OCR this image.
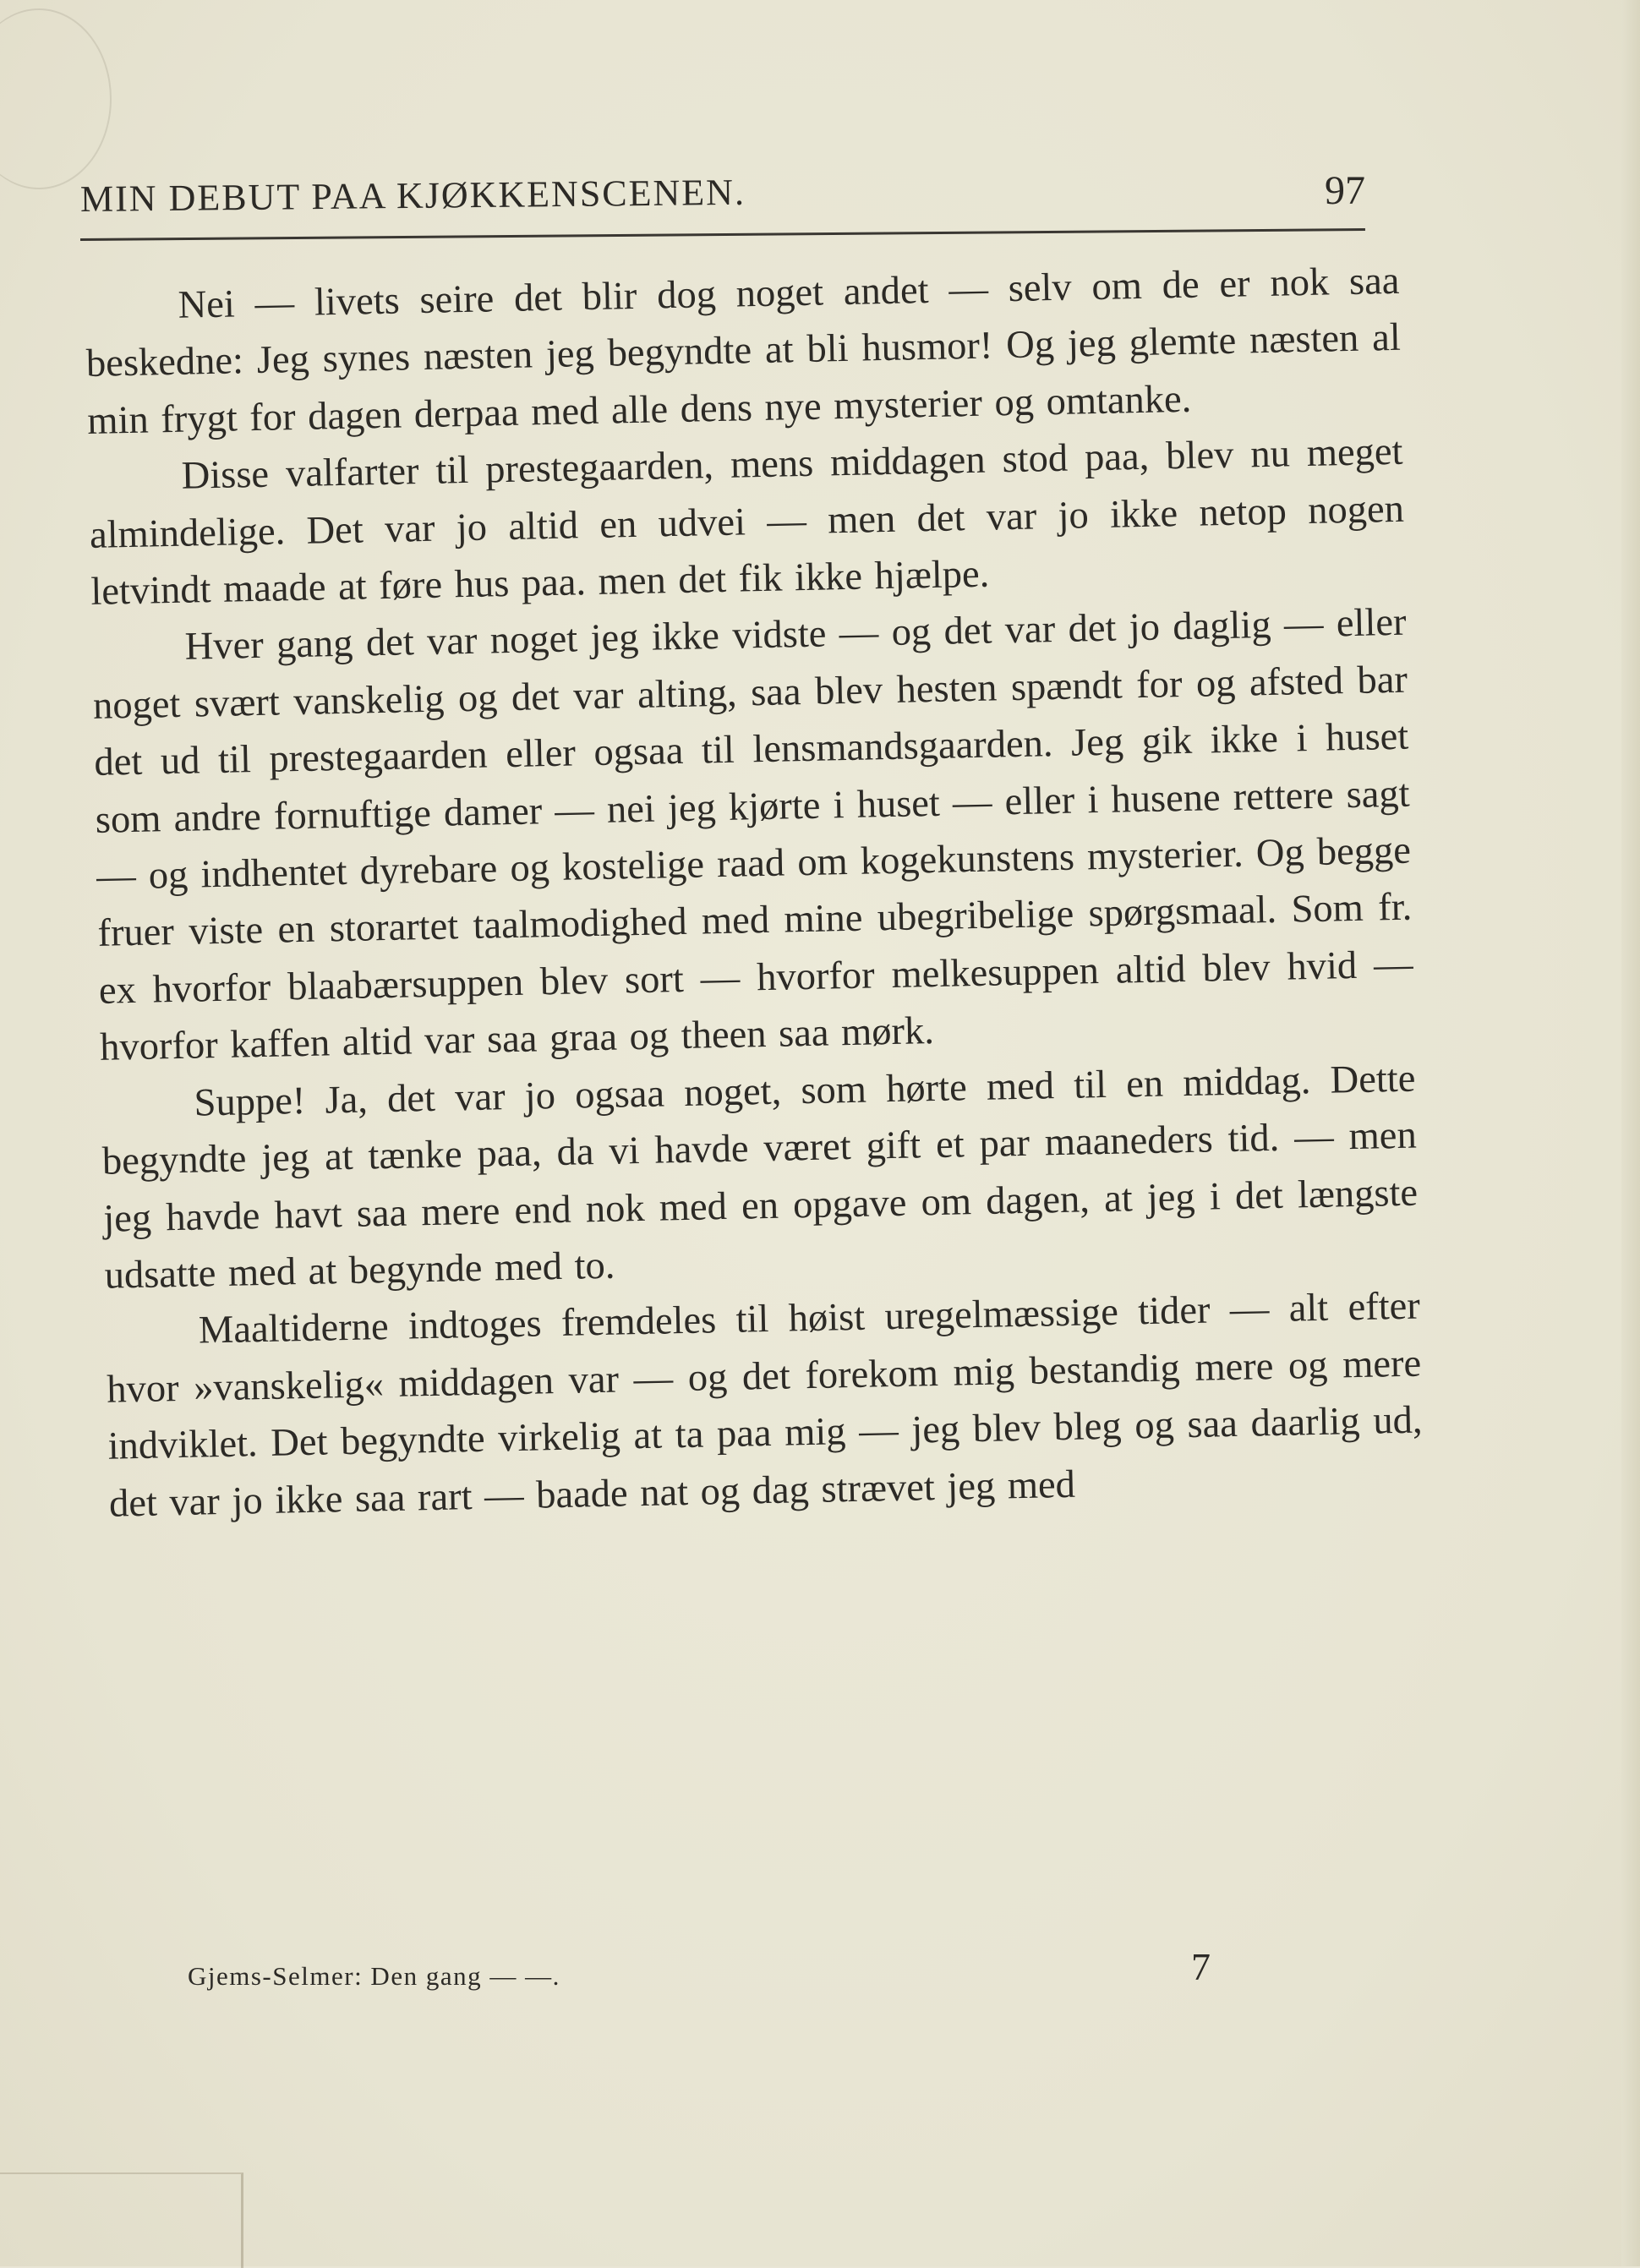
MIN DEBUT PAA KJØKKENSCENEN.	97

Nei — livets seire det blir dog noget andet — selv om de er nok saa beskedne: Jeg synes næsten jeg begyndte at bli husmor! Og jeg glemte næsten al min frygt for dagen derpaa med alle dens nye mysterier og omtanke.

Disse valfarter til prestegaarden, mens middagen stod paa, blev nu meget almindelige. Det var jo altid en udvei — men det var jo ikke netop nogen letvindt maade at føre hus paa. men det fik ikke hjælpe.

Hver gang det var noget jeg ikke vidste — og det var det jo daglig — eller noget svært vanskelig og det var alting, saa blev hesten spændt for og afsted bar det ud til prestegaarden eller ogsaa til lensmandsgaarden. Jeg gik ikke i huset som andre fornuftige damer — nei jeg kjørte i huset — eller i husene rettere sagt — og indhentet dyrebare og kostelige raad om kogekunstens mysterier. Og begge fruer viste en storartet taalmodighed med mine ubegribelige spørgsmaal. Som fr. ex hvorfor blaabærsuppen blev sort — hvorfor melkesuppen altid blev hvid — hvorfor kaffen altid var saa graa og theen saa mørk.

Suppe! Ja, det var jo ogsaa noget, som hørte med til en middag. Dette begyndte jeg at tænke paa, da vi havde været gift et par maaneders tid. — men jeg havde havt saa mere end nok med en opgave om dagen, at jeg i det længste udsatte med at begynde med to.

Maaltiderne indtoges fremdeles til høist uregelmæssige tider — alt efter hvor »vanskelig« middagen var — og det forekom mig bestandig mere og mere indviklet. Det begyndte virkelig at ta paa mig — jeg blev bleg og saa daarlig ud, det var jo ikke saa rart — baade nat og dag strævet jeg med

Gjems-Selmer: Den gang — —.	7
